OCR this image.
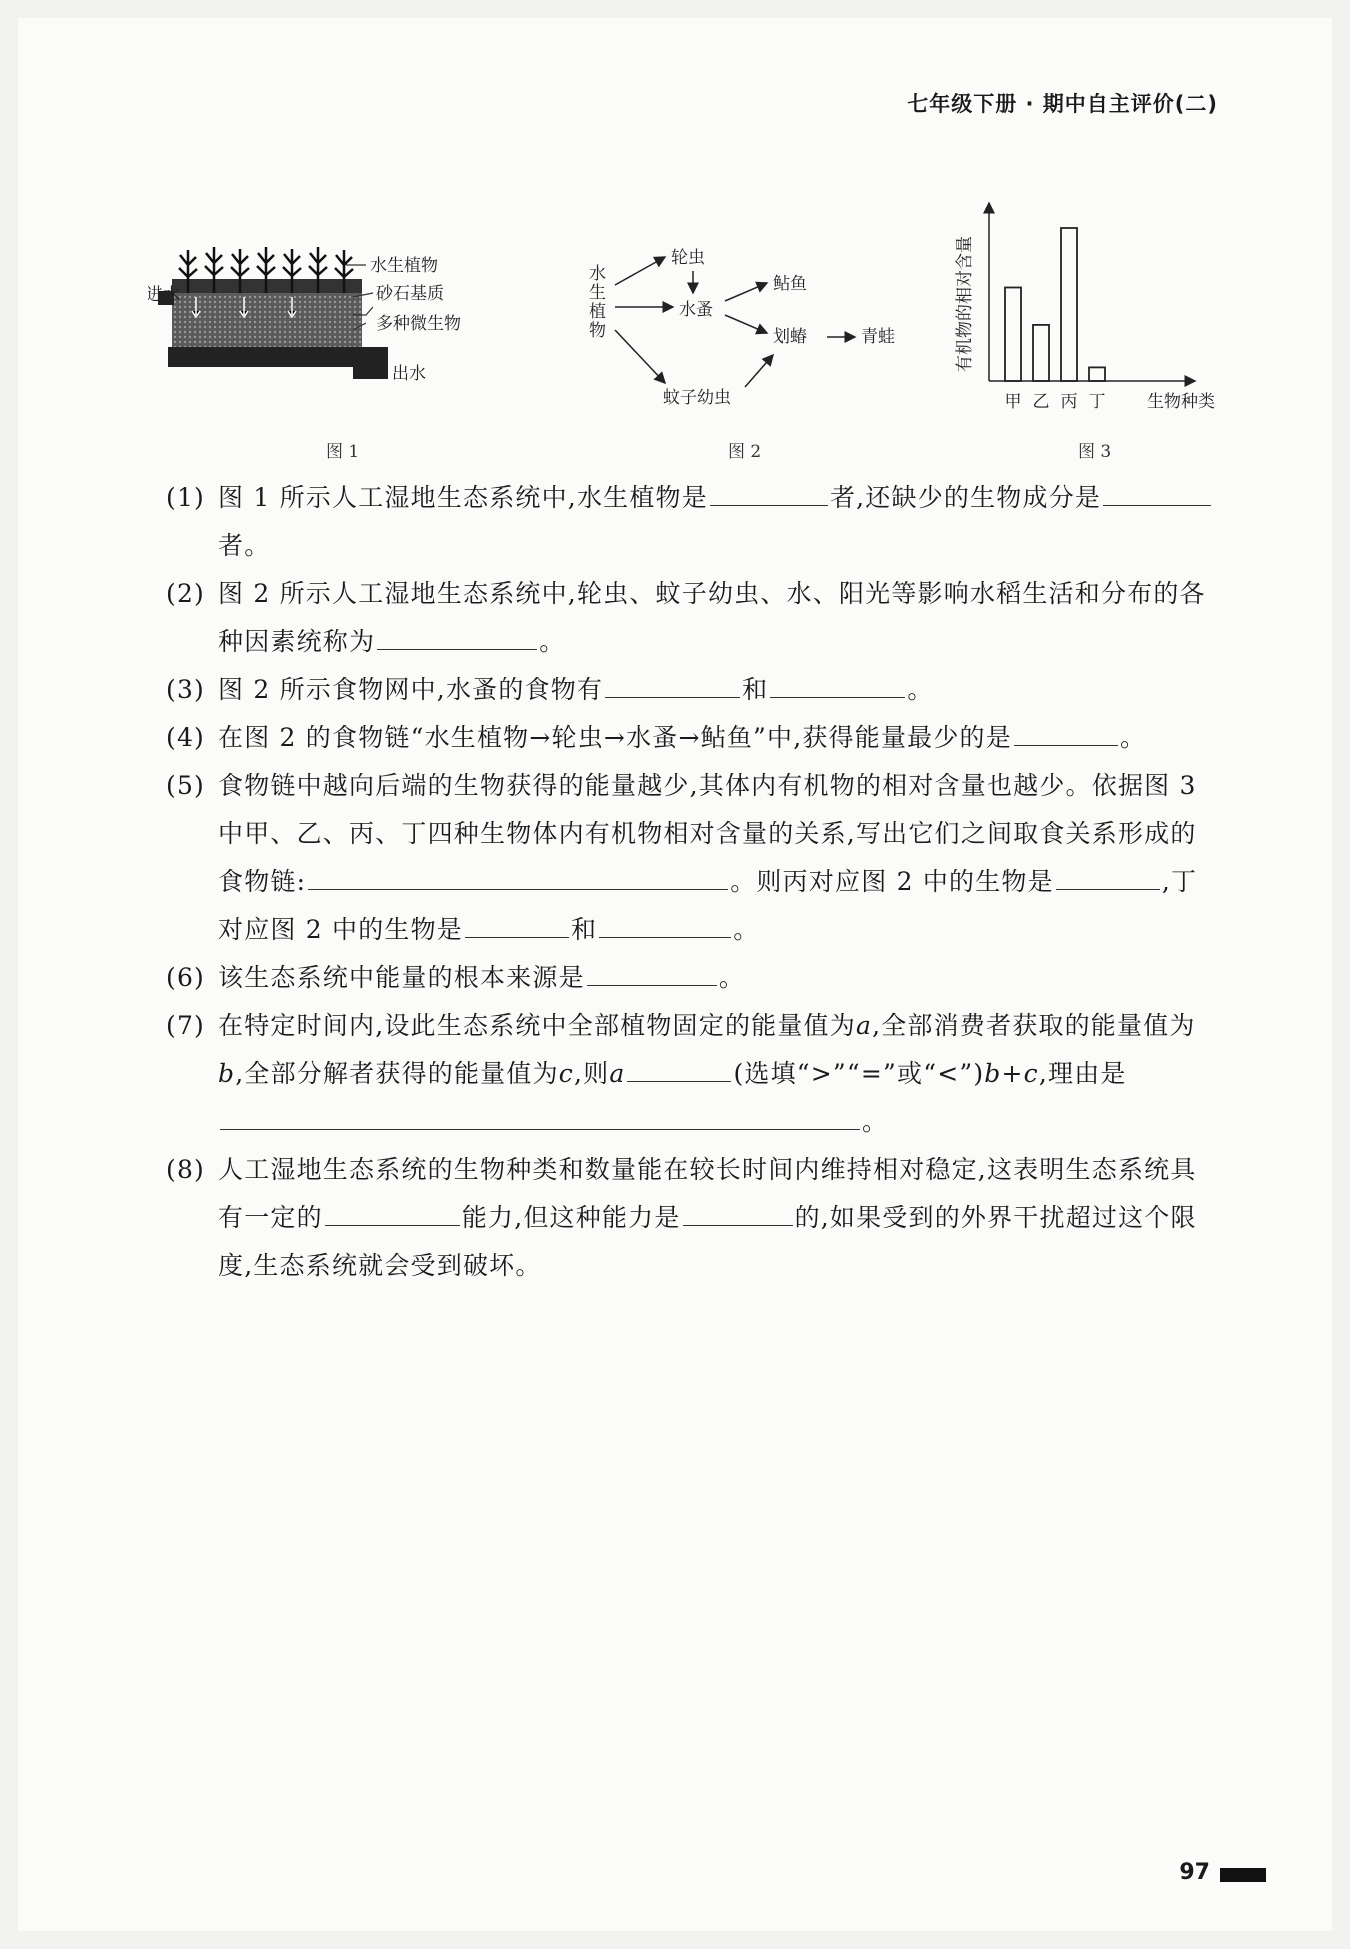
七年级下册 · 期中自主评价(二)
进水
水生植物
砂石基质
多种微生物
出水
图 1
水
生
植
物
轮虫
水蚤
鲇鱼
划蝽	青蛙
蚊子幼虫
图 2
有机物的相对含量
生物种类
甲 乙 丙 丁
图 3
(1) 图 1 所示人工湿地生态系统中,水生植物是	者,还缺少的生物成分是者。
(2) 图 2 所示人工湿地生态系统中,轮虫、蚊子幼虫、水、阳光等影响水稻生活和分布的各种因素统称为	。
(3) 图 2 所示食物网中,水蚤的食物有	和	。
(4) 在图 2 的食物链“水生植物→轮虫→水蚤→鲇鱼”中,获得能量最少的是	。
(5) 食物链中越向后端的生物获得的能量越少,其体内有机物的相对含量也越少。依据图 3 中甲、乙、丙、丁四种生物体内有机物相对含量的关系,写出它们之间取食关系形成的食物链:	。则丙对应图 2 中的生物是	,丁对应图 2 中的生物是	和	。
(6) 该生态系统中能量的根本来源是	。
(7) 在特定时间内,设此生态系统中全部植物固定的能量值为a,全部消费者获取的能量值为b,全部分解者获得的能量值为c,则a	(选填“>”“=”或“<”)b+c,理由是。
(8) 人工湿地生态系统的生物种类和数量能在较长时间内维持相对稳定,这表明生态系统具有一定的	能力,但这种能力是	的,如果受到的外界干扰超过这个限度,生态系统就会受到破坏。
97
